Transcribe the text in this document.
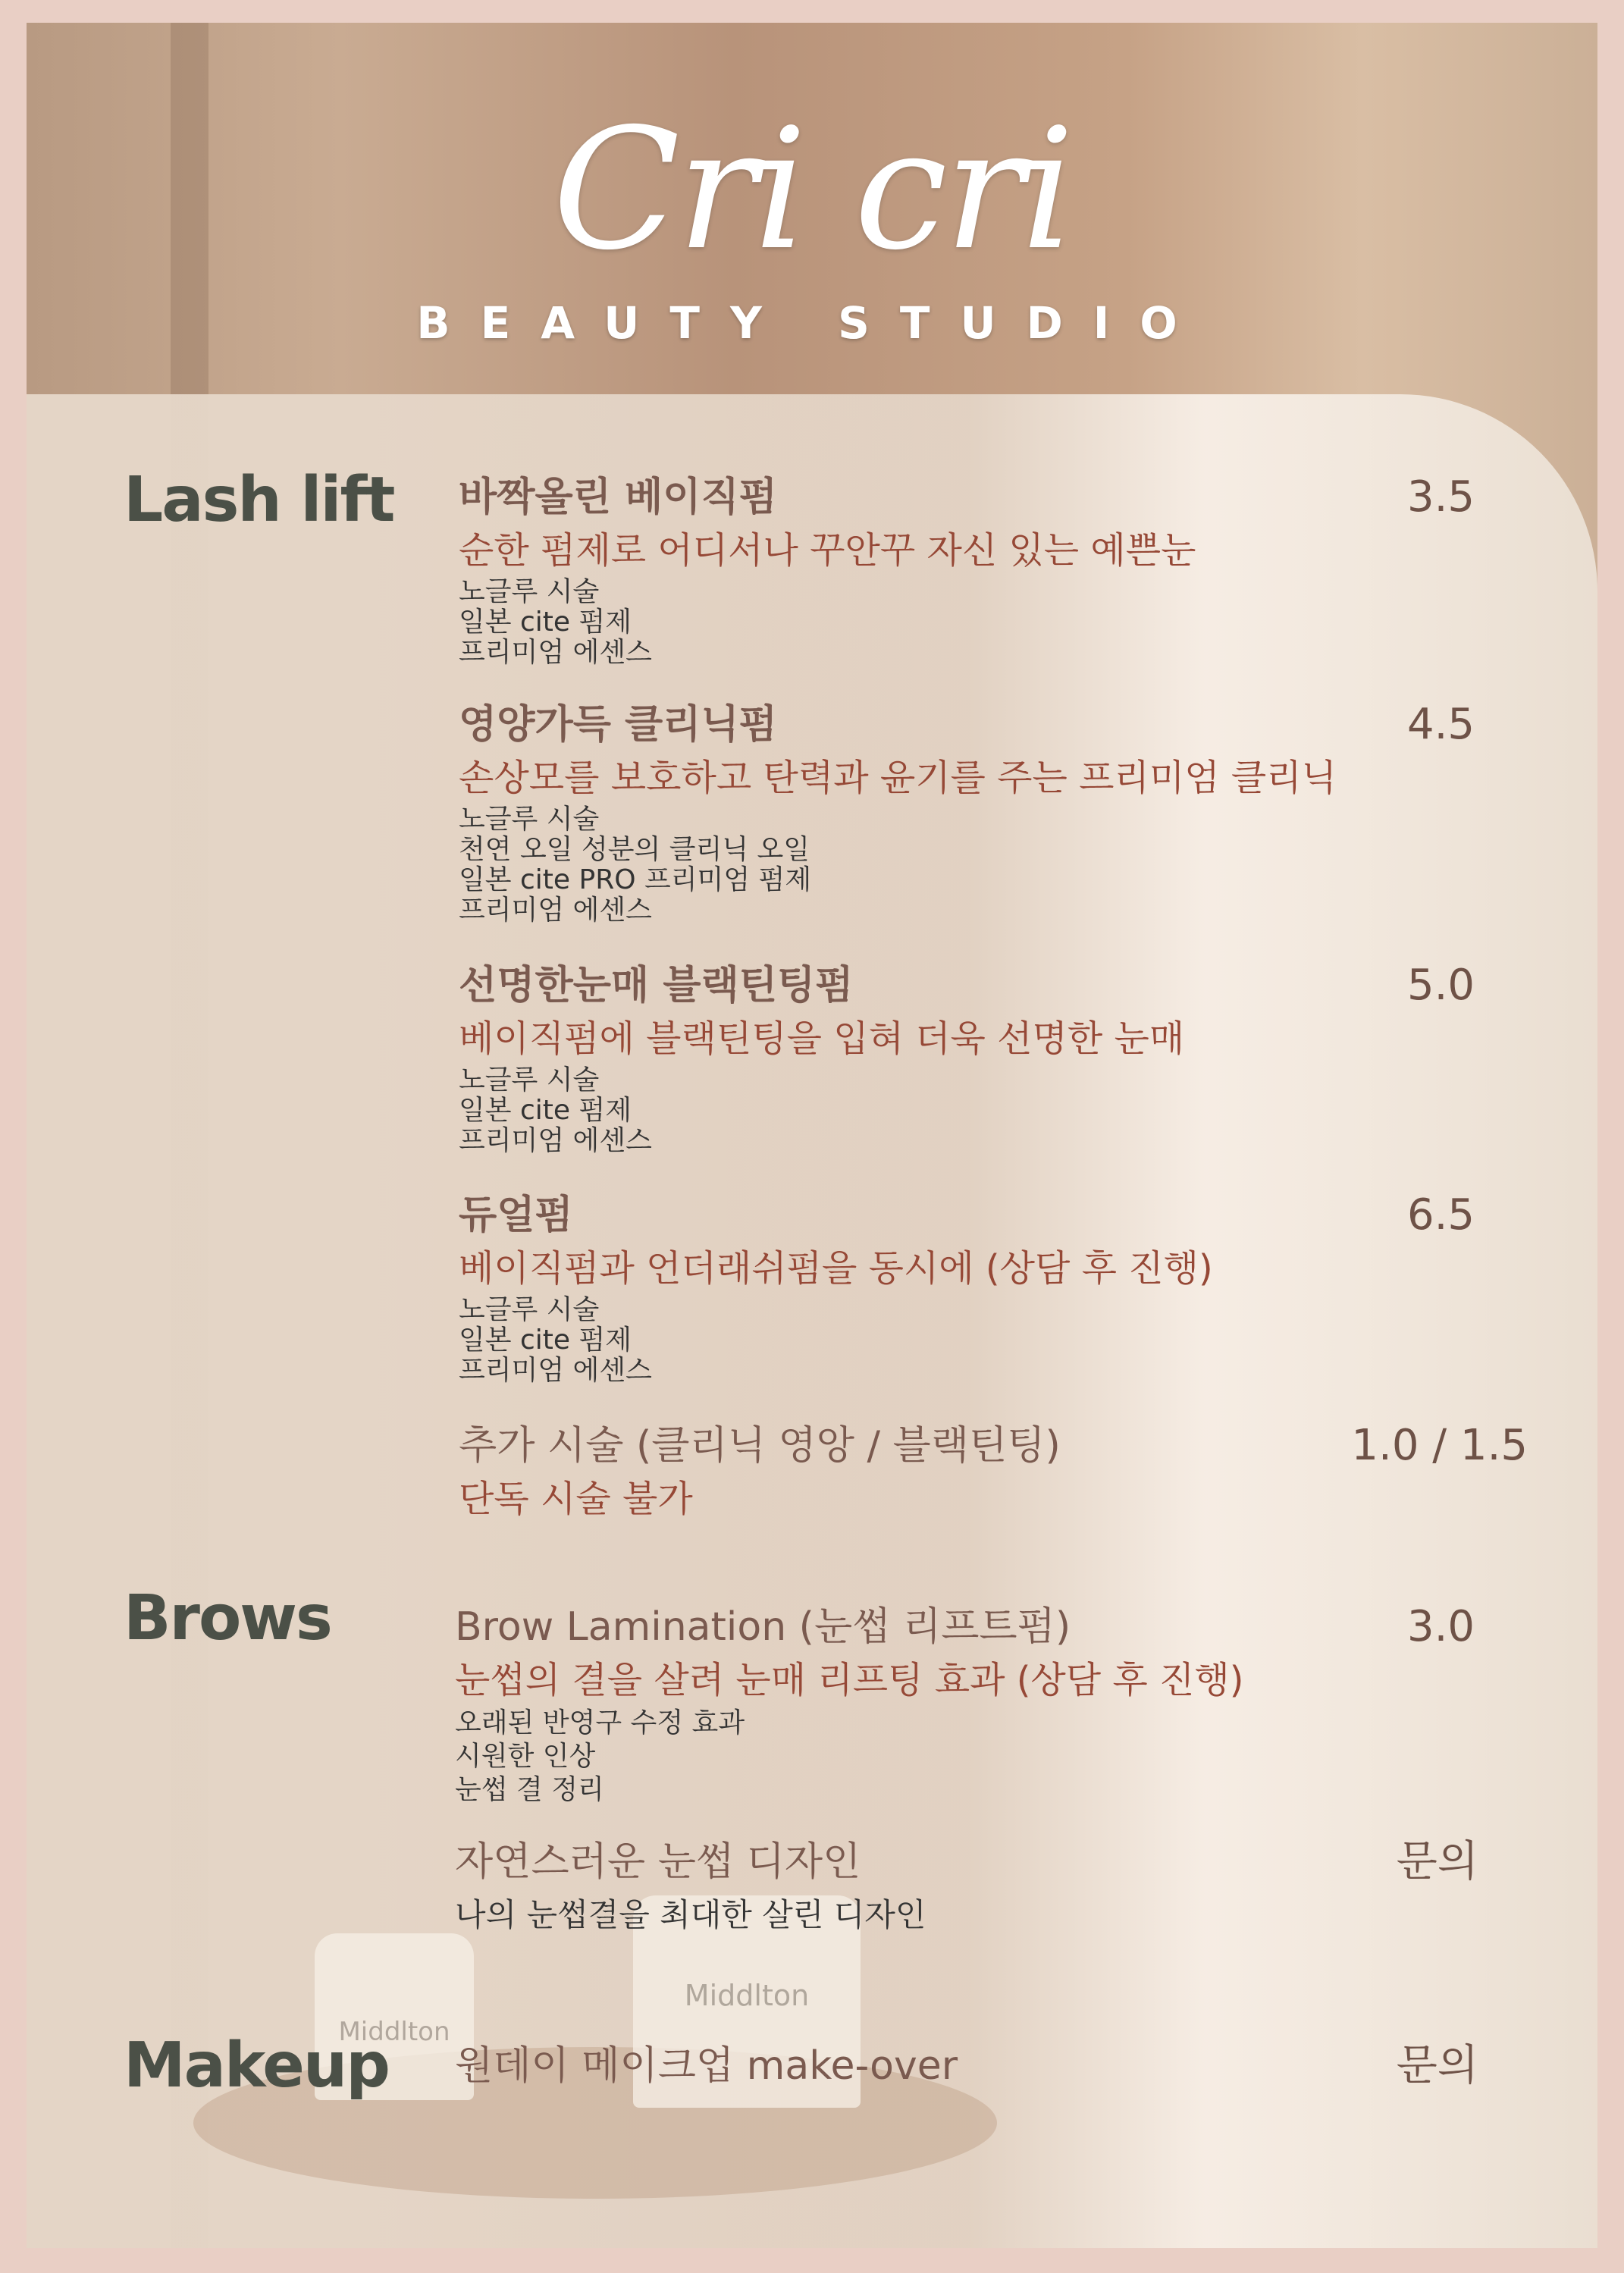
Middlton
Middlton
Cri cri
BEAUTY STUDIO
Lash lift
Brows
Makeup
바짝올린 베이직펌	3.5
순한 펌제로 어디서나 꾸안꾸 자신 있는 예쁜눈
노글루 시술
일본 cite 펌제
프리미엄 에센스
영양가득 클리닉펌	4.5
손상모를 보호하고 탄력과 윤기를 주는 프리미엄 클리닉
노글루 시술
천연 오일 성분의 클리닉 오일
일본 cite PRO 프리미엄 펌제
프리미엄 에센스
선명한눈매 블랙틴팅펌	5.0
베이직펌에 블랙틴팅을 입혀 더욱 선명한 눈매
노글루 시술
일본 cite 펌제
프리미엄 에센스
듀얼펌	6.5
베이직펌과 언더래쉬펌을 동시에 (상담 후 진행)
노글루 시술
일본 cite 펌제
프리미엄 에센스
추가 시술 (클리닉 영앙 / 블랙틴팅)	1.0 / 1.5
단독 시술 불가
Brow Lamination (눈썹 리프트펌)	3.0
눈썹의 결을 살려 눈매 리프팅 효과 (상담 후 진행)
오래된 반영구 수정 효과
시원한 인상
눈썹 결 정리
자연스러운 눈썹 디자인	문의
나의 눈썹결을 최대한 살린 디자인
원데이 메이크업 make-over	문의
